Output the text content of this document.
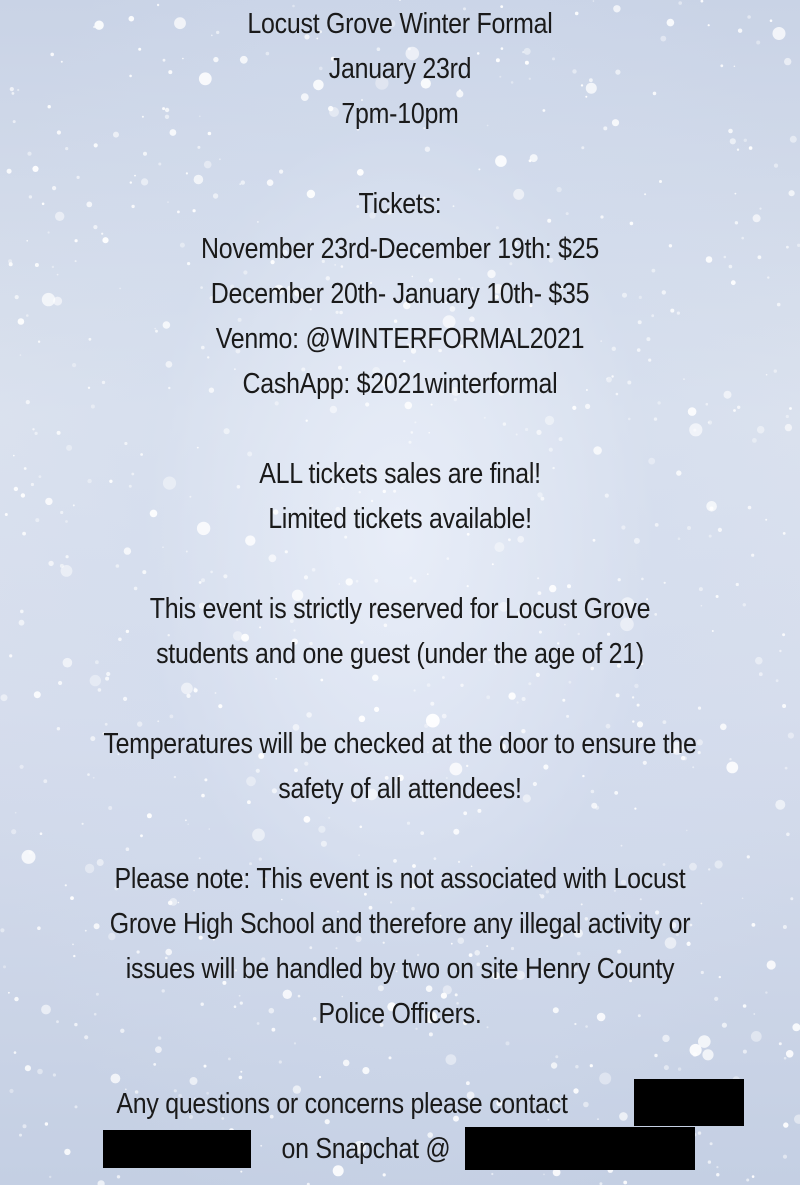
Locust Grove Winter Formal
January 23rd
7pm-10pm
Tickets:
November 23rd-December 19th: $25
December 20th- January 10th- $35
Venmo: @WINTERFORMAL2021
CashApp: $2021winterformal
ALL tickets sales are final!
Limited tickets available!
This event is strictly reserved for Locust Grove
students and one guest (under the age of 21)
Temperatures will be checked at the door to ensure the
safety of all attendees!
Please note: This event is not associated with Locust
Grove High School and therefore any illegal activity or
issues will be handled by two on site Henry County
Police Officers.
Any questions or concerns please contact
on Snapchat @
